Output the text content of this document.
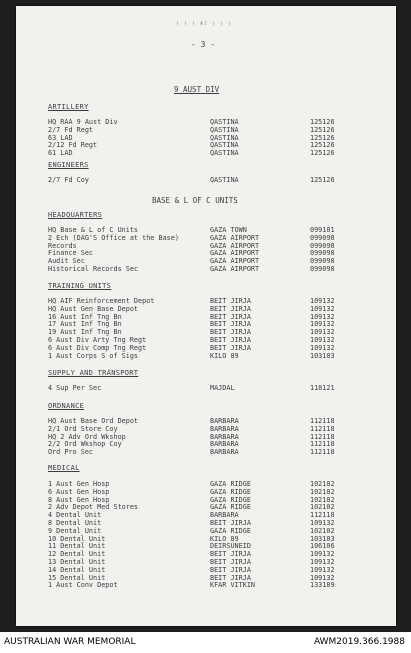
( ( ( Al ) ) )
- 3 -
9 AUST DIV
ARTILLERY
HQ RAA 9 Aust Div	QASTINA	125126
2/7 Fd Regt	QASTINA	125126
63 LAD	QASTINA	125126
2/12 Fd Regt	QASTINA	125126
61 LAD	QASTINA	125126
ENGINEERS
2/7 Fd Coy	QASTINA	125126
BASE & L OF C UNITS
HEADQUARTERS
HQ Base & L of C Units	GAZA TOWN	099101
2 Ech (DAG'S Office at the Base)	GAZA AIRPORT	099098
Records	GAZA AIRPORT	099098
Finance Sec	GAZA AIRPORT	099098
Audit Sec	GAZA AIRPORT	099098
Historical Records Sec	GAZA AIRPORT	099098
TRAINING UNITS
HQ AIF Reinforcement Depot	BEIT JIRJA	109132
HQ Aust Gen Base Depot	BEIT JIRJA	109132
16 Aust Inf Tng Bn	BEIT JIRJA	109132
17 Aust Inf Tng Bn	BEIT JIRJA	109132
19 Aust Inf Tng Bn	BEIT JIRJA	109132
6 Aust Div Arty Tng Regt	BEIT JIRJA	109132
6 Aust Div Comp Tng Regt	BEIT JIRJA	109132
1 Aust Corps S of Sigs	KILO 89	103103
SUPPLY AND TRANSPORT
4 Sup Per Sec	MAJDAL	118121
ORDNANCE
HQ Aust Base Ord Depot	BARBARA	112118
2/1 Ord Store Coy	BARBARA	112118
HQ 2 Adv Ord Wkshop	BARBARA	112118
2/2 Ord Wkshop Coy	BARBARA	112118
Ord Pro Sec	BARBARA	112118
MEDICAL
1 Aust Gen Hosp	GAZA RIDGE	102102
6 Aust Gen Hosp	GAZA RIDGE	102102
8 Aust Gen Hosp	GAZA RIDGE	102102
2 Adv Depot Med Stores	GAZA RIDGE	102102
4 Dental Unit	BARBARA	112118
8 Dental Unit	BEIT JIRJA	109132
9 Dental Unit	GAZA RIDGE	102102
10 Dental Unit	KILO 89	103103
11 Dental Unit	DEIRSUNEID	106106
12 Dental Unit	BEIT JIRJA	109132
13 Dental Unit	BEIT JIRJA	109132
14 Dental Unit	BEIT JIRJA	109132
15 Dental Unit	BEIT JIRJA	109132
1 Aust Conv Depot	KFAR VITKIN	133189
AUSTRALIAN WAR MEMORIAL	AWM2019.366.1988
